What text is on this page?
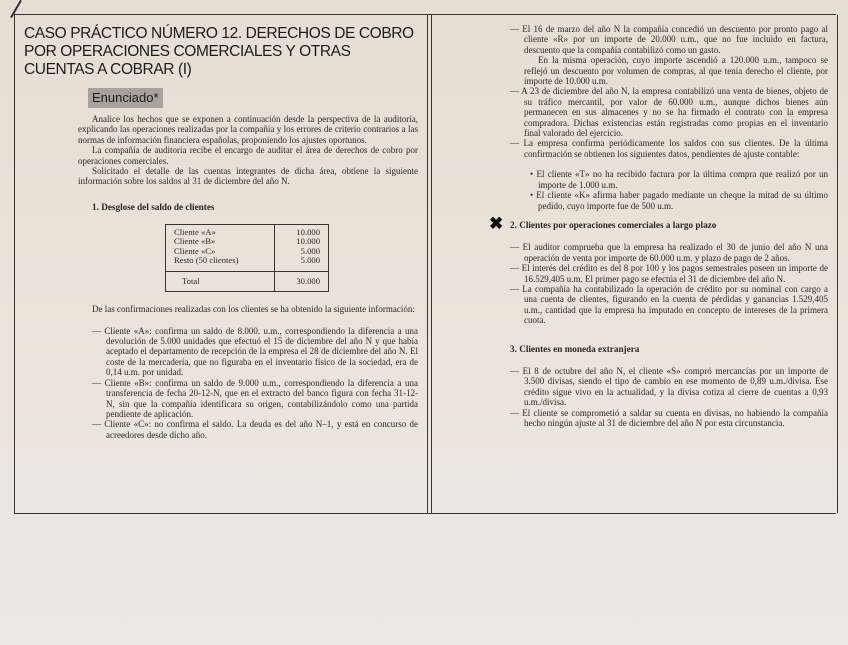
CASO PRÁCTICO NÚMERO 12. DERECHOS DE COBRO POR OPERACIONES COMERCIALES Y OTRAS CUENTAS A COBRAR (I)
Enunciado*

Analice los hechos que se exponen a continuación desde la perspectiva de la auditoría, explicando las operaciones realizadas por la compañía y los errores de criterio contrarios a las normas de información financiera españolas, proponiendo los ajustes oportunos.

La compañía de auditoría recibe el encargo de auditar el área de derechos de cobro por operaciones comerciales.

Solicitado el detalle de las cuentas integrantes de dicha área, obtiene la siguiente información sobre los saldos al 31 de diciembre del año N.

1. Desglose del saldo de clientes
Cliente «A»	10.000
Cliente «B»	10.000
Cliente «C»	5.000
Resto (50 clientes)	5.000
Total	30.000

De las confirmaciones realizadas con los clientes se ha obtenido la siguiente información:

— Cliente «A»: confirma un saldo de 8.000. u.m., correspondiendo la diferencia a una devolución de 5.000 unidades que efectuó el 15 de diciembre del año N y que había aceptado el departamento de recepción de la empresa el 28 de diciembre del año N. El coste de la mercadería, que no figuraba en el inventario físico de la sociedad, era de 0,14 u.m. por unidad.

— Cliente «B»: confirma un saldo de 9.000 u.m., correspondiendo la diferencia a una transferencia de fecha 20-12-N, que en el extracto del banco figura con fecha 31-12-N, sin que la compañía identificara su origen, contabilizándolo como una partida pendiente de aplicación.

— Cliente «C»: no confirma el saldo. La deuda es del año N–1, y está en concurso de acreedores desde dicho año.

— El 16 de marzo del año N la compañía concedió un descuento por pronto pago al cliente «R» por un importe de 20.000 u.m., que no fue incluido en factura, descuento que la compañía contabilizó como un gasto.

En la misma operación, cuyo importe ascendió a 120.000 u.m., tampoco se reflejó un descuento por volumen de compras, al que tenía derecho el cliente, por importe de 10.000 u.m.

— A 23 de diciembre del año N, la empresa contabilizó una venta de bienes, objeto de su tráfico mercantil, por valor de 60.000 u.m., aunque dichos bienes aún permanecen en sus almacenes y no se ha firmado el contrato con la empresa compradora. Dichas existencias están registradas como propias en el inventario final valorado del ejercicio.

— La empresa confirma periódicamente los saldos con sus clientes. De la última confirmación se obtienen los siguientes datos, pendientes de ajuste contable:

• El cliente «T» no ha recibido factura por la última compra que realizó por un importe de 1.000 u.m.

• El cliente «K» afirma haber pagado mediante un cheque la mitad de su último pedido, cuyo importe fue de 500 u.m.

✖ 2. Clientes por operaciones comerciales a largo plazo

— El auditor comprueba que la empresa ha realizado el 30 de junio del año N una operación de venta por importe de 60.000 u.m. y plazo de pago de 2 años.

— El interés del crédito es del 8 por 100 y los pagos semestrales poseen un importe de 16.529,405 u.m. El primer pago se efectúa el 31 de diciembre del año N.

— La compañía ha contabilizado la operación de crédito por su nominal con cargo a una cuenta de clientes, figurando en la cuenta de pérdidas y ganancias 1.529,405 u.m., cantidad que la empresa ha imputado en concepto de intereses de la primera cuota.

3. Clientes en moneda extranjera

— El 8 de octubre del año N, el cliente «S» compró mercancías por un importe de 3.500 divisas, siendo el tipo de cambio en ese momento de 0,89 u.m./divisa. Ese crédito sigue vivo en la actualidad, y la divisa cotiza al cierre de cuentas a 0,93 u.m./divisa.

— El cliente se comprometió a saldar su cuenta en divisas, no habiendo la compañía hecho ningún ajuste al 31 de diciembre del año N por esta circunstancia.
